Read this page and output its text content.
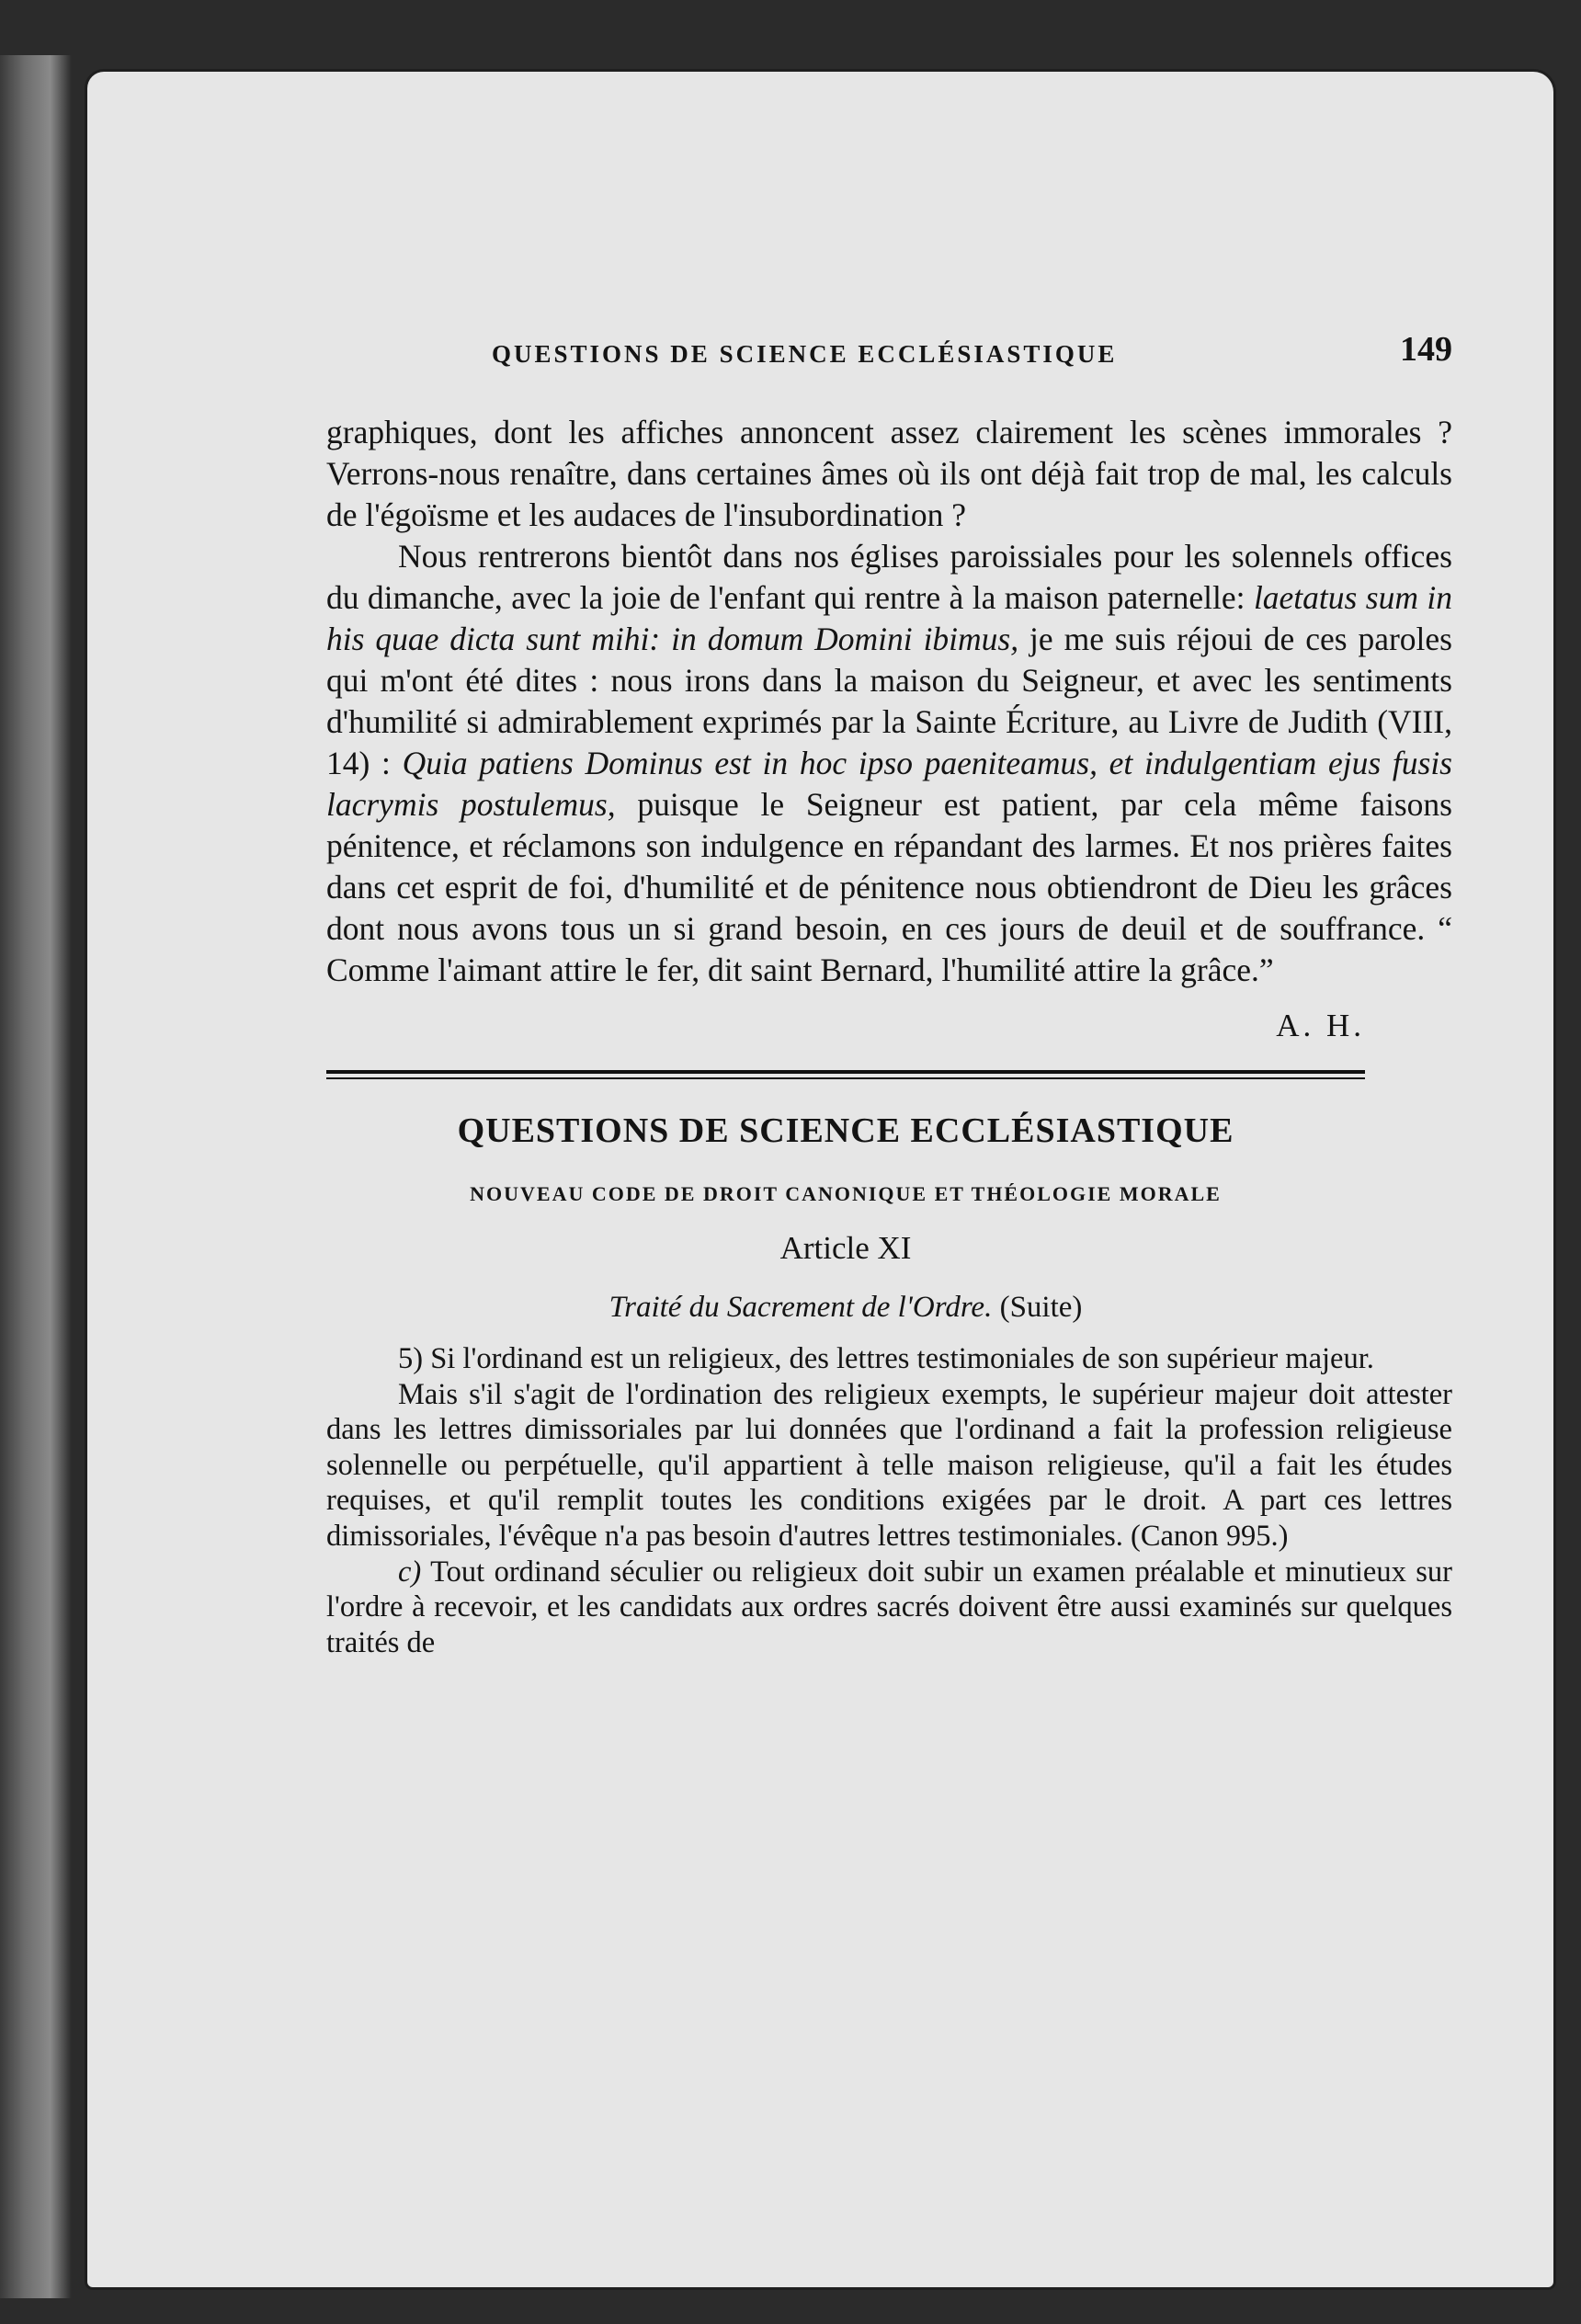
QUESTIONS DE SCIENCE ECCLÉSIASTIQUE	149

graphiques, dont les affiches annoncent assez clairement les scènes immorales ? Verrons-nous renaître, dans certaines âmes où ils ont déjà fait trop de mal, les calculs de l'égoïsme et les audaces de l'insubordination ?

Nous rentrerons bientôt dans nos églises paroissiales pour les solennels offices du dimanche, avec la joie de l'enfant qui rentre à la maison paternelle: laetatus sum in his quae dicta sunt mihi: in domum Domini ibimus, je me suis réjoui de ces paroles qui m'ont été dites : nous irons dans la maison du Seigneur, et avec les sentiments d'humilité si admirablement exprimés par la Sainte Écriture, au Livre de Judith (VIII, 14) : Quia patiens Dominus est in hoc ipso paeniteamus, et indulgentiam ejus fusis lacrymis postulemus, puisque le Seigneur est patient, par cela même faisons pénitence, et réclamons son indulgence en répandant des larmes. Et nos prières faites dans cet esprit de foi, d'humilité et de pénitence nous obtiendront de Dieu les grâces dont nous avons tous un si grand besoin, en ces jours de deuil et de souffrance. “ Comme l'aimant attire le fer, dit saint Bernard, l'humilité attire la grâce.”

A. H.
QUESTIONS DE SCIENCE ECCLÉSIASTIQUE
NOUVEAU CODE DE DROIT CANONIQUE ET THÉOLOGIE MORALE
Article XI
Traité du Sacrement de l'Ordre. (Suite)

5) Si l'ordinand est un religieux, des lettres testimoniales de son supérieur majeur.

Mais s'il s'agit de l'ordination des religieux exempts, le supérieur majeur doit attester dans les lettres dimissoriales par lui données que l'ordinand a fait la profession religieuse solennelle ou perpétuelle, qu'il appartient à telle maison religieuse, qu'il a fait les études requises, et qu'il remplit toutes les conditions exigées par le droit. A part ces lettres dimissoriales, l'évêque n'a pas besoin d'autres lettres testimoniales. (Canon 995.)

c) Tout ordinand séculier ou religieux doit subir un examen préalable et minutieux sur l'ordre à recevoir, et les candidats aux ordres sacrés doivent être aussi examinés sur quelques traités de
